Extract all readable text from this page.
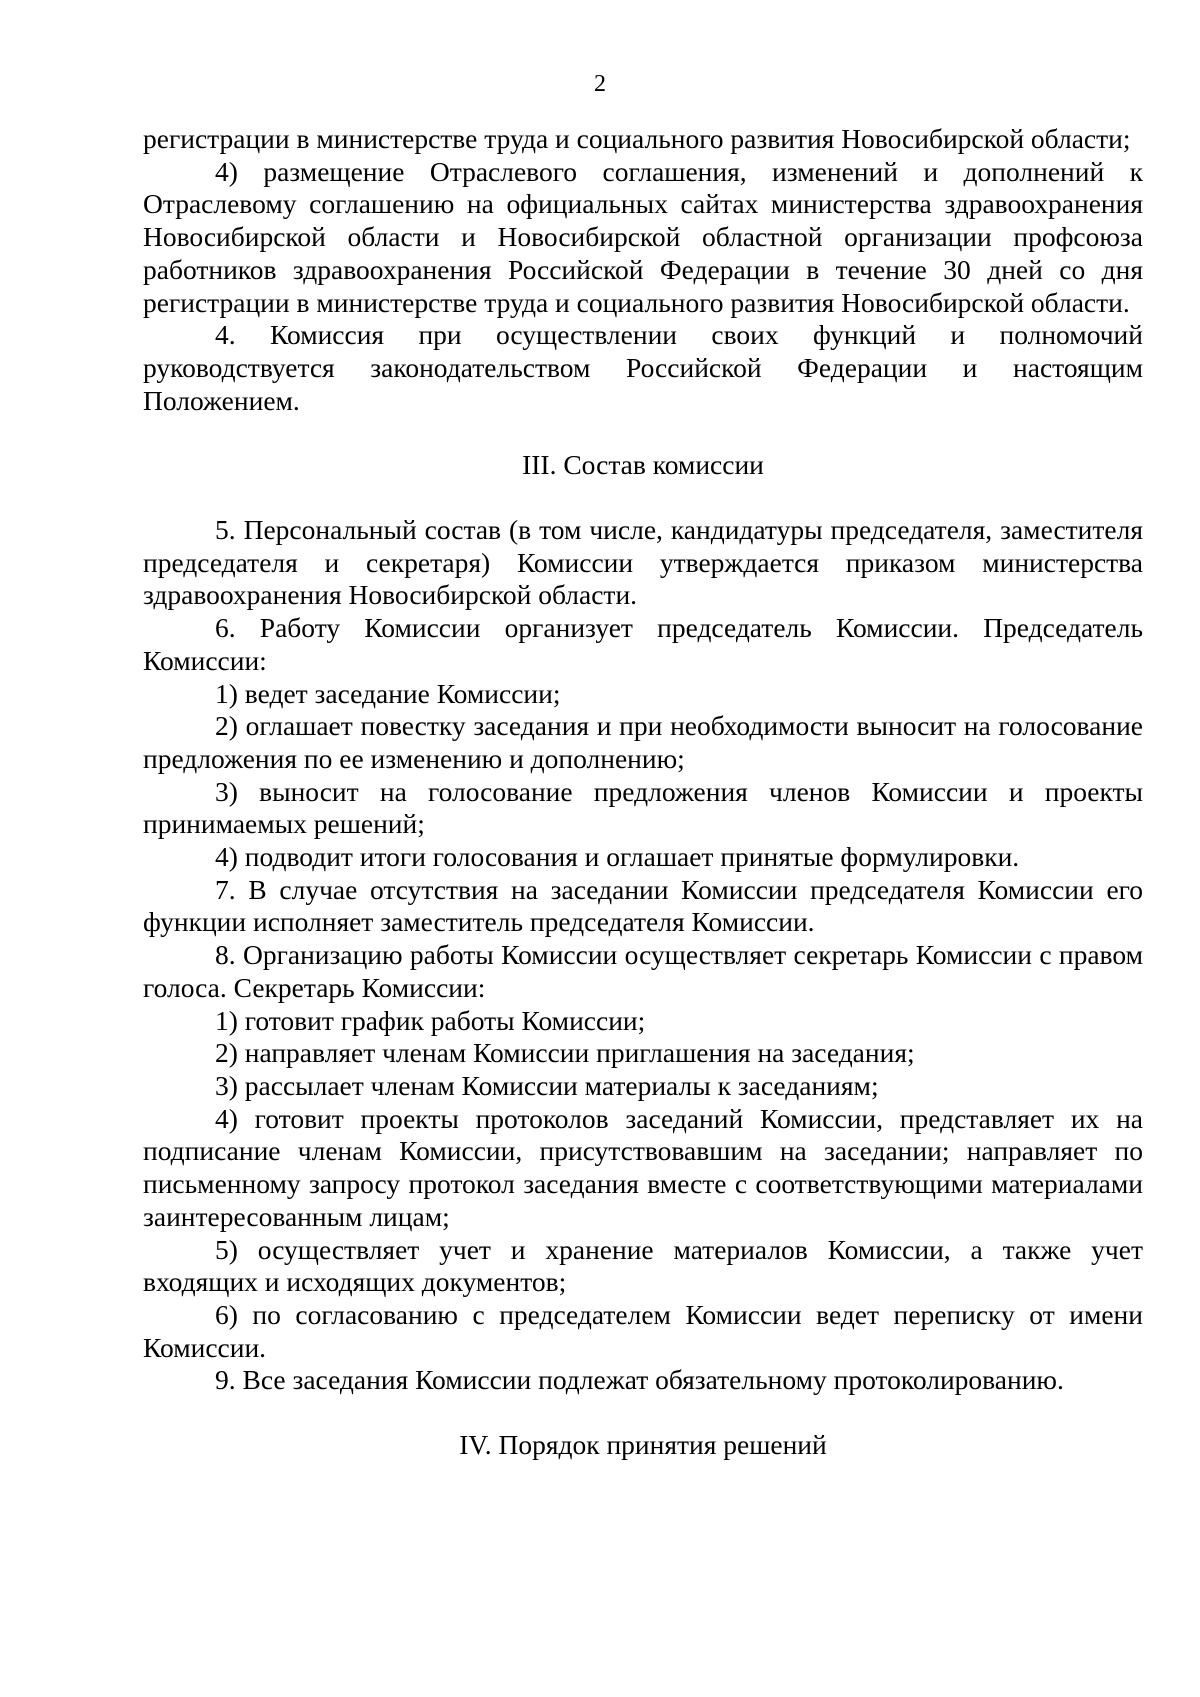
2

регистрации в министерстве труда и социального развития Новосибирской области;

4) размещение Отраслевого соглашения, изменений и дополнений к Отраслевому соглашению на официальных сайтах министерства здравоохранения Новосибирской области и Новосибирской областной организации профсоюза работников здравоохранения Российской Федерации в течение 30 дней со дня регистрации в министерстве труда и социального развития Новосибирской области.

4. Комиссия при осуществлении своих функций и полномочий руководствуется законодательством Российской Федерации и настоящим Положением.

III. Состав комиссии

5. Персональный состав (в том числе, кандидатуры председателя, заместителя председателя и секретаря) Комиссии утверждается приказом министерства здравоохранения Новосибирской области.

6. Работу Комиссии организует председатель Комиссии. Председатель Комиссии:

1) ведет заседание Комиссии;

2) оглашает повестку заседания и при необходимости выносит на голосование предложения по ее изменению и дополнению;

3) выносит на голосование предложения членов Комиссии и проекты принимаемых решений;

4) подводит итоги голосования и оглашает принятые формулировки.

7. В случае отсутствия на заседании Комиссии председателя Комиссии его функции исполняет заместитель председателя Комиссии.

8. Организацию работы Комиссии осуществляет секретарь Комиссии с правом голоса. Секретарь Комиссии:

1) готовит график работы Комиссии;

2) направляет членам Комиссии приглашения на заседания;

3) рассылает членам Комиссии материалы к заседаниям;

4) готовит проекты протоколов заседаний Комиссии, представляет их на подписание членам Комиссии, присутствовавшим на заседании; направляет по письменному запросу протокол заседания вместе с соответствующими материалами заинтересованным лицам;

5) осуществляет учет и хранение материалов Комиссии, а также учет входящих и исходящих документов;

6) по согласованию с председателем Комиссии ведет переписку от имени Комиссии.

9. Все заседания Комиссии подлежат обязательному протоколированию.

IV. Порядок принятия решений
